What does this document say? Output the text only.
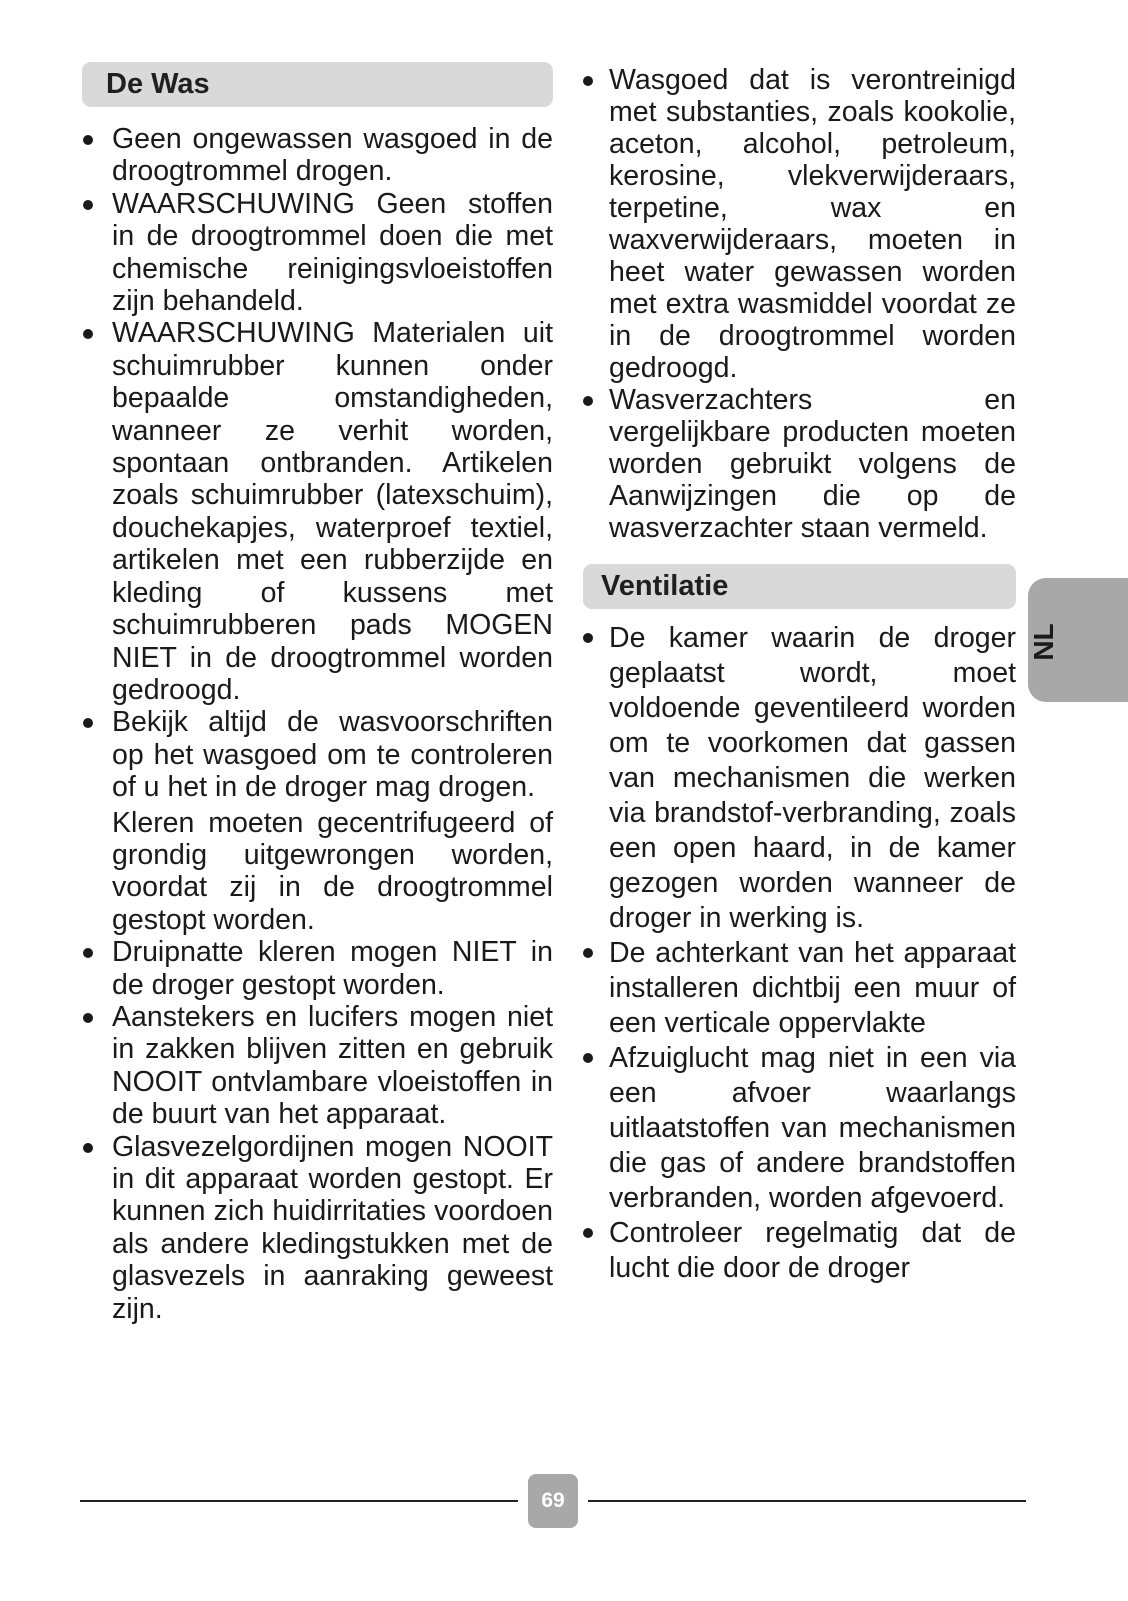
De Was
Geen ongewassen wasgoed in de droogtrommel drogen.
WAARSCHUWING Geen stoffen in de droogtrommel doen die met chemische reinigingsvloeistoffen zijn behandeld.
WAARSCHUWING Materialen uit schuimrubber kunnen onder bepaalde omstandigheden, wanneer ze verhit worden, spontaan ontbranden. Artikelen zoals schuimrubber (latexschuim), douchekapjes, waterproef textiel, artikelen met een rubberzijde en kleding of kussens met schuimrubberen pads MOGEN NIET in de droogtrommel worden gedroogd.
Bekijk altijd de wasvoorschriften op het wasgoed om te controleren of u het in de droger mag drogen.
Kleren moeten gecentrifugeerd of grondig uitgewrongen worden, voordat zij in de droogtrommel gestopt worden.
Druipnatte kleren mogen NIET in de droger gestopt worden.
Aanstekers en lucifers mogen niet in zakken blijven zitten en gebruik NOOIT ontvlambare vloeistoffen in de buurt van het apparaat.
Glasvezelgordijnen mogen NOOIT in dit apparaat worden gestopt. Er kunnen zich huidirritaties voordoen als andere kledingstukken met de glasvezels in aanraking geweest zijn.
Wasgoed dat is verontreinigd met substanties, zoals kookolie, aceton, alcohol, petroleum, kerosine, vlekverwijderaars, terpetine, wax en waxverwijderaars, moeten in heet water gewassen worden met extra wasmiddel voordat ze in de droogtrommel worden gedroogd.
Wasverzachters en vergelijkbare producten moeten worden gebruikt volgens de Aanwijzingen die op de wasverzachter staan vermeld.
Ventilatie
De kamer waarin de droger geplaatst wordt, moet voldoende geventileerd worden om te voorkomen dat gassen van mechanismen die werken via brandstof-verbranding, zoals een open haard, in de kamer gezogen worden wanneer de droger in werking is.
De achterkant van het apparaat installeren dichtbij een muur of een verticale oppervlakte
Afzuiglucht mag niet in een via een afvoer waarlangs uitlaatstoffen van mechanismen die gas of andere brandstoffen verbranden, worden afgevoerd.
Controleer regelmatig dat de lucht die door de droger
NL
69
